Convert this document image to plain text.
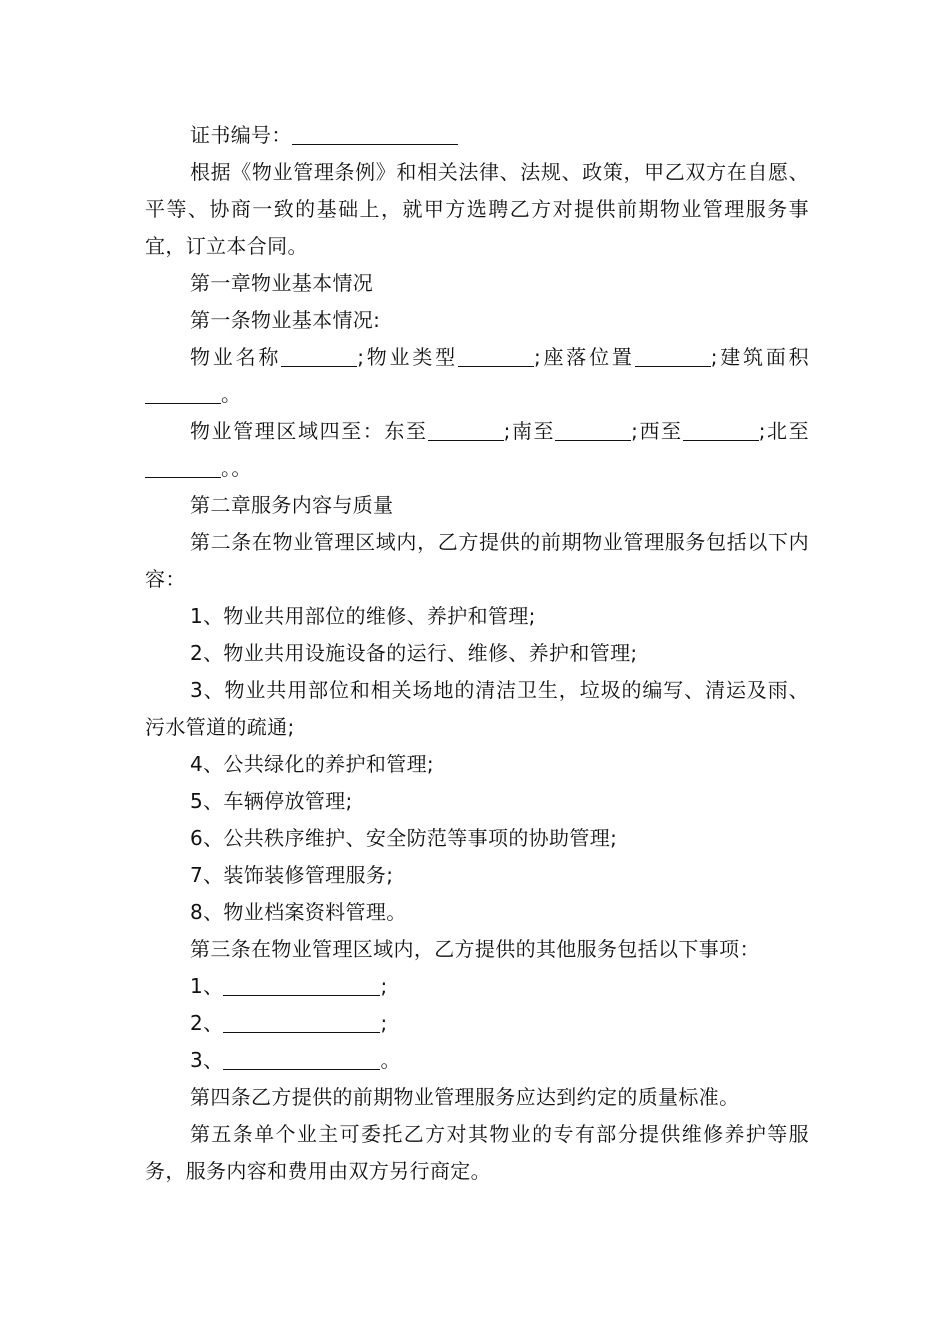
证书编号：

根据《物业管理条例》和相关法律、法规、政策，甲乙双方在自愿、平等、协商一致的基础上，就甲方选聘乙方对提供前期物业管理服务事宜，订立本合同。

第一章物业基本情况

第一条物业基本情况:

物业名称	;物业类型	;座落位置	;建筑面积。

物业管理区域四至：东至	;南至	;西至	;北至。。

第二章服务内容与质量

第二条在物业管理区域内，乙方提供的前期物业管理服务包括以下内容：

1、物业共用部位的维修、养护和管理;

2、物业共用设施设备的运行、维修、养护和管理;

3、物业共用部位和相关场地的清洁卫生，垃圾的编写、清运及雨、污水管道的疏通;

4、公共绿化的养护和管理;

5、车辆停放管理;

6、公共秩序维护、安全防范等事项的协助管理;

7、装饰装修管理服务;

8、物业档案资料管理。

第三条在物业管理区域内，乙方提供的其他服务包括以下事项：

1、	;

2、	;

3、	。

第四条乙方提供的前期物业管理服务应达到约定的质量标准。

第五条单个业主可委托乙方对其物业的专有部分提供维修养护等服务，服务内容和费用由双方另行商定。
